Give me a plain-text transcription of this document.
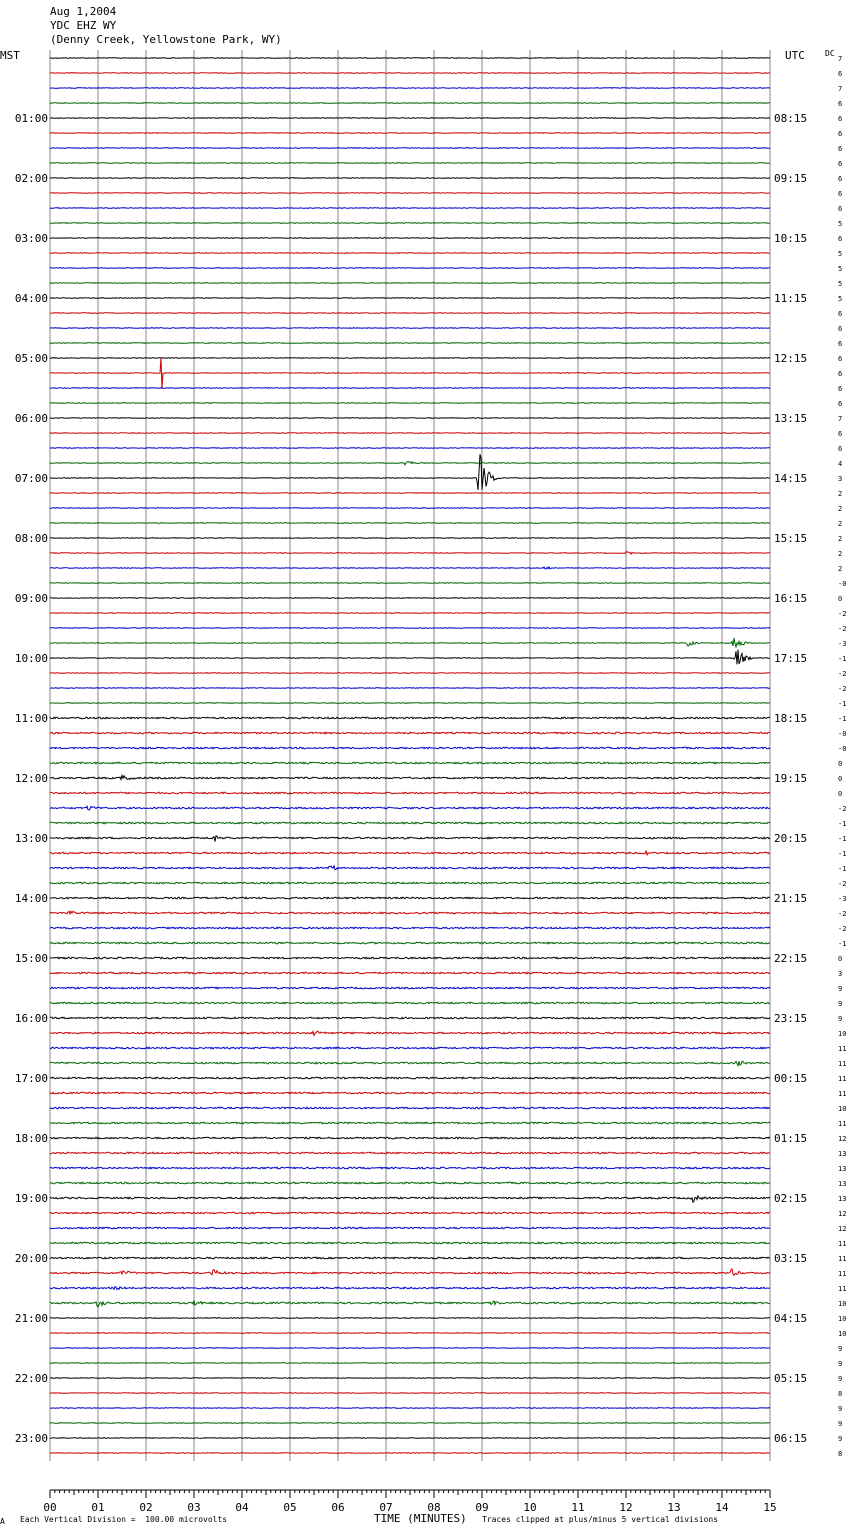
Aug 1,2004
YDC EHZ WY
(Denny Creek, Yellowstone Park, WY)
MST	UTC	DC
00	01	02	03	04	05	06	07	08	09	10	11	12	13	14	15
7
6
7
6
6
01:00	08:15
6
6
6
6
02:00	09:15
6
6
5
6
03:00	10:15
5
5
5
5
04:00	11:15
6
6
6
6
05:00	12:15
6
6
6
7
06:00	13:15
6
6
4
3
07:00	14:15
2
2
2
2
08:00	15:15
2
2
-0
0
09:00	16:15
-2
-2
-3
-1
10:00	17:15
-2
-2
-1
-1
11:00	18:15
-0
-0
0
0
12:00	19:15
0
-2
-1
-1
13:00	20:15
-1
-1
-2
-3
14:00	21:15
-2
-2
-1
0
15:00	22:15
3
9
9
9
16:00	23:15
10
11
11
11
17:00	00:15
11
10
11
12
18:00	01:15
13
13
13
13
19:00	02:15
12
12
11
11
20:00	03:15
11
11
10
10
21:00	04:15
10
9
9
9
22:00	05:15
8
9
9
9
23:00	06:15
8
A Each Vertical Division =  100.00 microvolts	TIME (MINUTES) Traces clipped at plus/minus 5 vertical divisions
